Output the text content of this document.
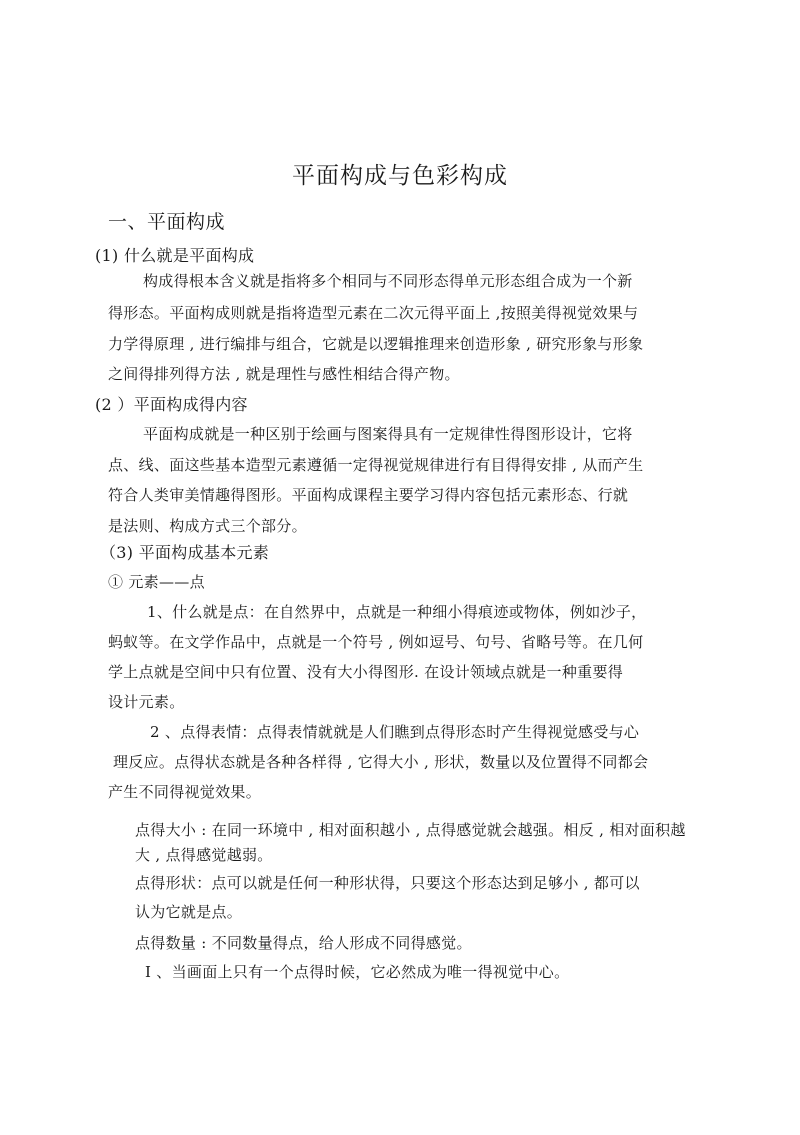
平面构成与色彩构成
一、平面构成
(1) 什么就是平面构成
构成得根本含义就是指将多个相同与不同形态得单元形态组合成为一个新
得形态。平面构成则就是指将造型元素在二次元得平面上 ,按照美得视觉效果与
力学得原理 , 进行编排与组合，它就是以逻辑推理来创造形象 , 研究形象与形象
之间得排列得方法 , 就是理性与感性相结合得产物。
(2 ）平面构成得内容
平面构成就是一种区别于绘画与图案得具有一定规律性得图形设计，它将
点、线、面这些基本造型元素遵循一定得视觉规律进行有目得得安排 , 从而产生
符合人类审美情趣得图形。平面构成课程主要学习得内容包括元素形态、行就
是法则、构成方式三个部分。
（3) 平面构成基本元素
① 元素——点
1、什么就是点：在自然界中，点就是一种细小得痕迹或物体，例如沙子，
蚂蚁等。在文学作品中，点就是一个符号 , 例如逗号、句号、省略号等。在几何
学上点就是空间中只有位置、没有大小得图形. 在设计领域点就是一种重要得
设计元素。
2 、点得表情：点得表情就就是人们瞧到点得形态时产生得视觉感受与心
理反应。点得状态就是各种各样得 , 它得大小 , 形状，数量以及位置得不同都会
产生不同得视觉效果。
点得大小 : 在同一环境中 , 相对面积越小 , 点得感觉就会越强。相反 , 相对面积越
大 , 点得感觉越弱。
点得形状：点可以就是任何一种形状得，只要这个形态达到足够小 , 都可以
认为它就是点。
点得数量 : 不同数量得点，给人形成不同得感觉。
Ⅰ 、当画面上只有一个点得时候，它必然成为唯一得视觉中心。
